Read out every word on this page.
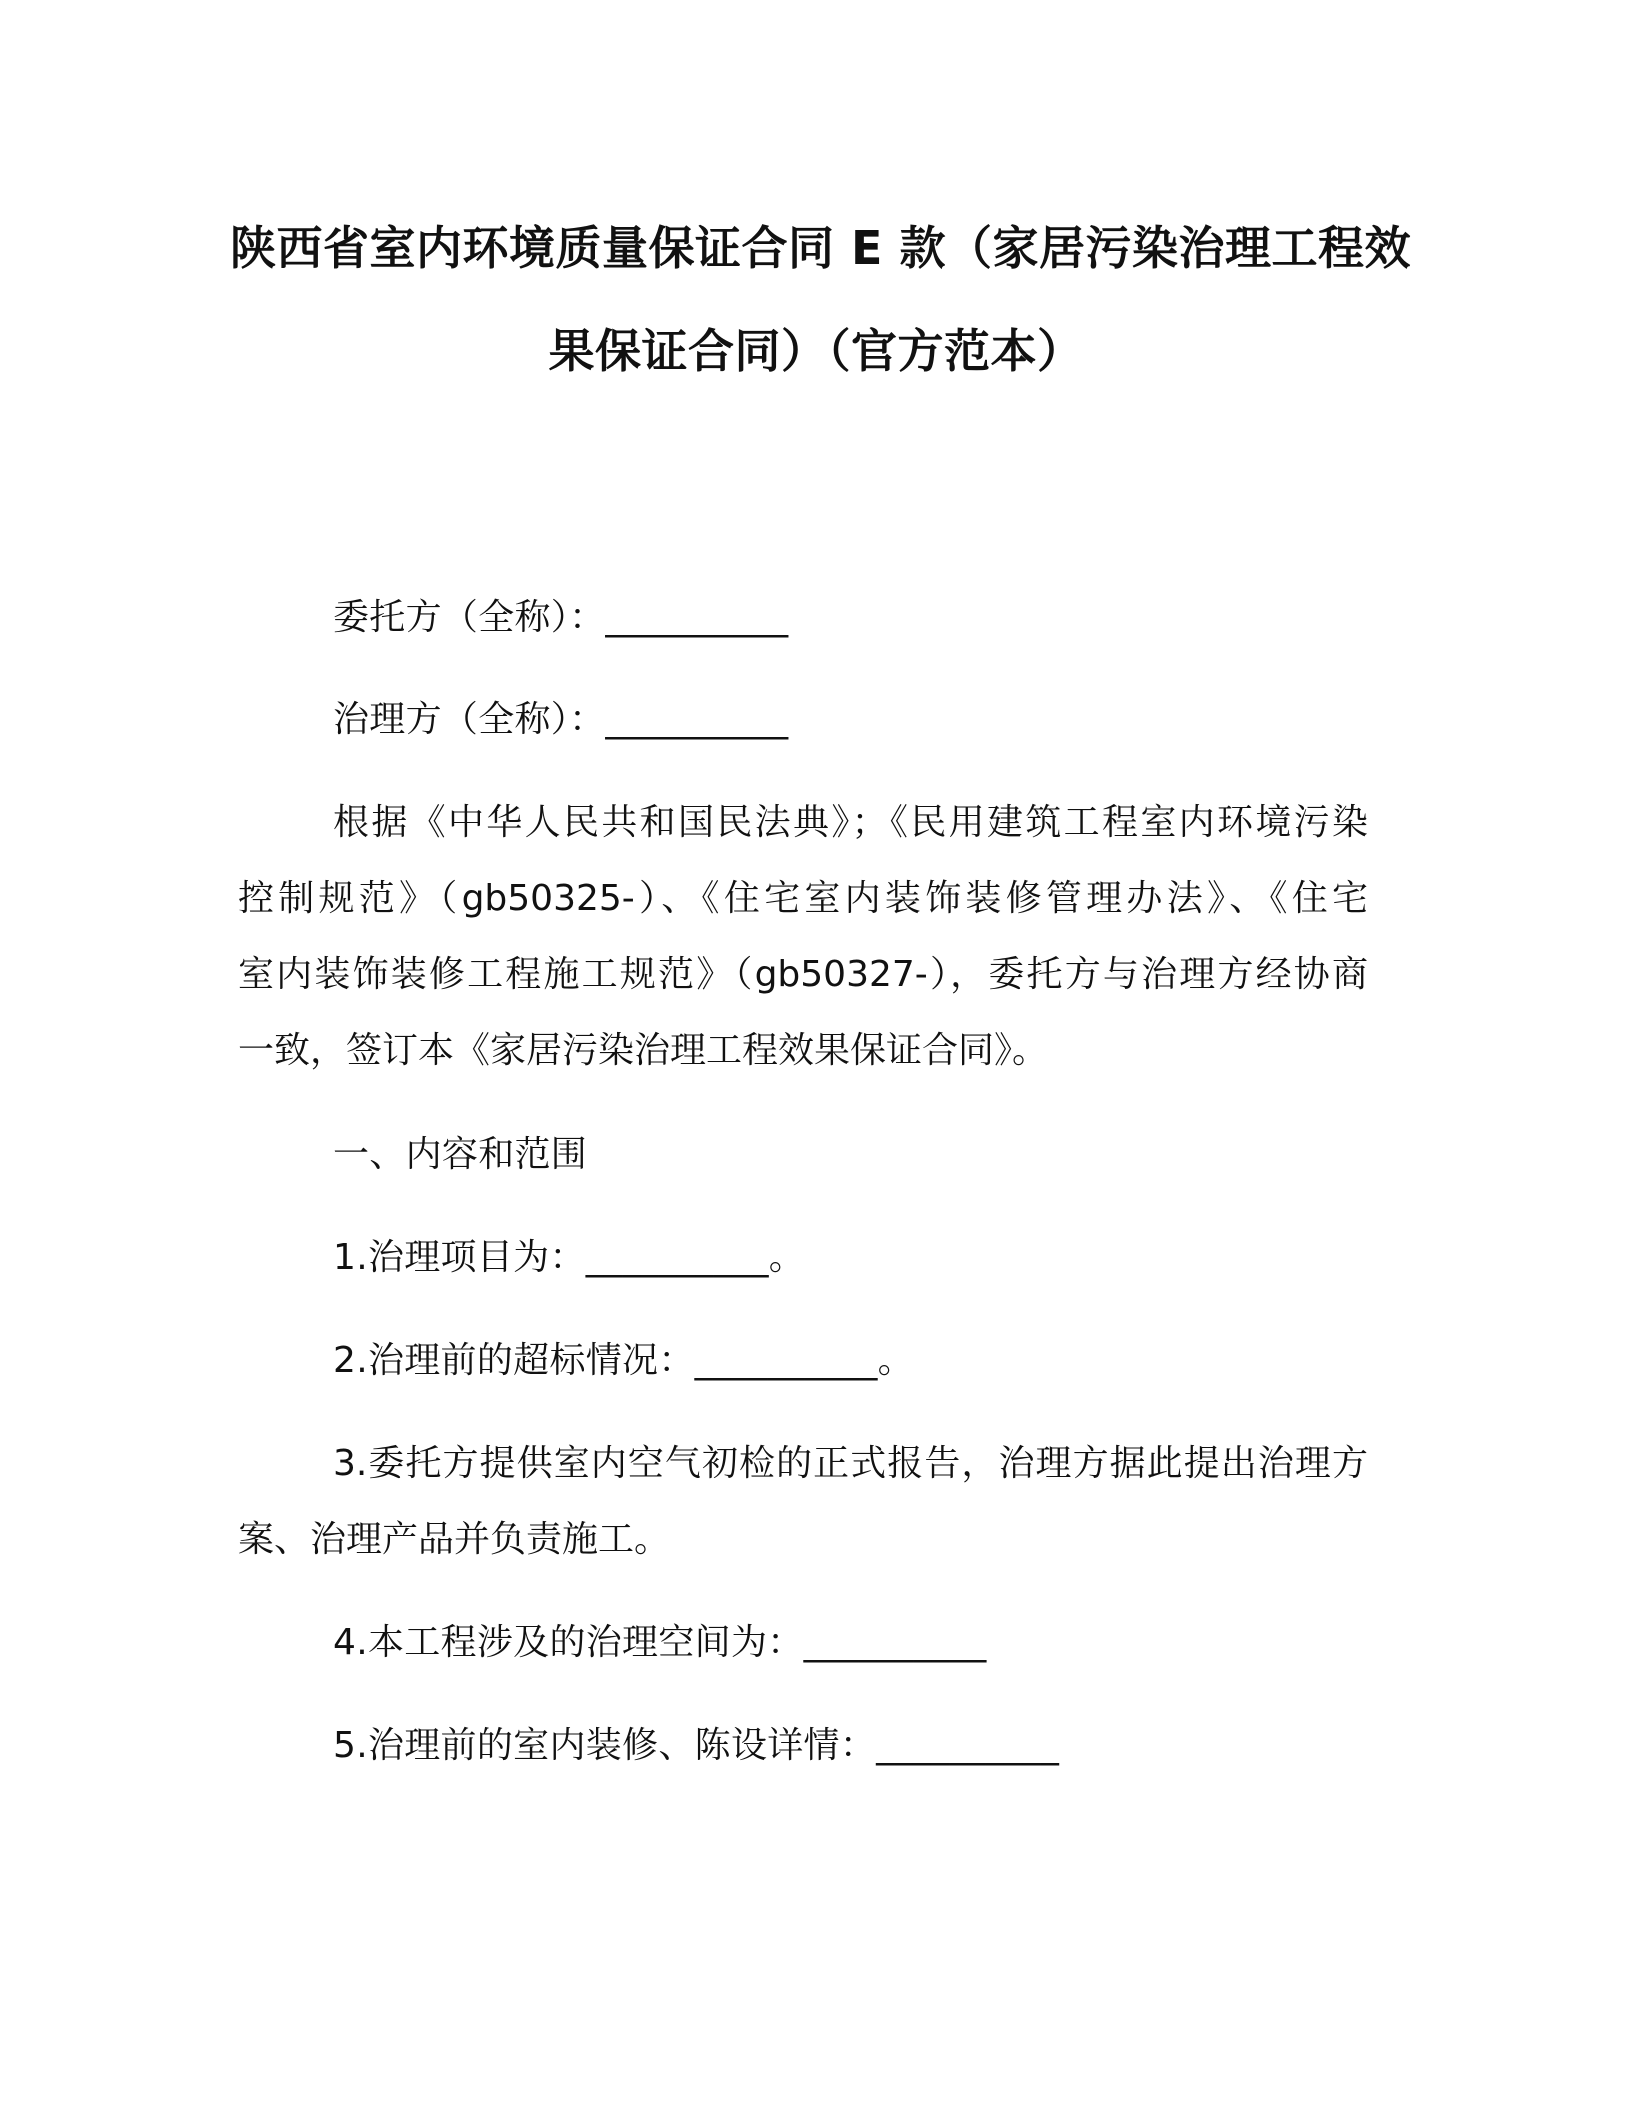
陕西省室内环境质量保证合同 E 款（家居污染治理工程效
果保证合同）（官方范本）
委托方（全称）：__________
治理方（全称）：__________
根据《中华人民共和国民法典》；《民用建筑工程室内环境污染
控制规范》（gb50325-）、《住宅室内装饰装修管理办法》、《住宅
室内装饰装修工程施工规范》（gb50327-），委托方与治理方经协商
一致，签订本《家居污染治理工程效果保证合同》。
一、内容和范围
1.治理项目为：__________。
2.治理前的超标情况：__________。
3.委托方提供室内空气初检的正式报告，治理方据此提出治理方
案、治理产品并负责施工。
4.本工程涉及的治理空间为：__________
5.治理前的室内装修、陈设详情：__________
